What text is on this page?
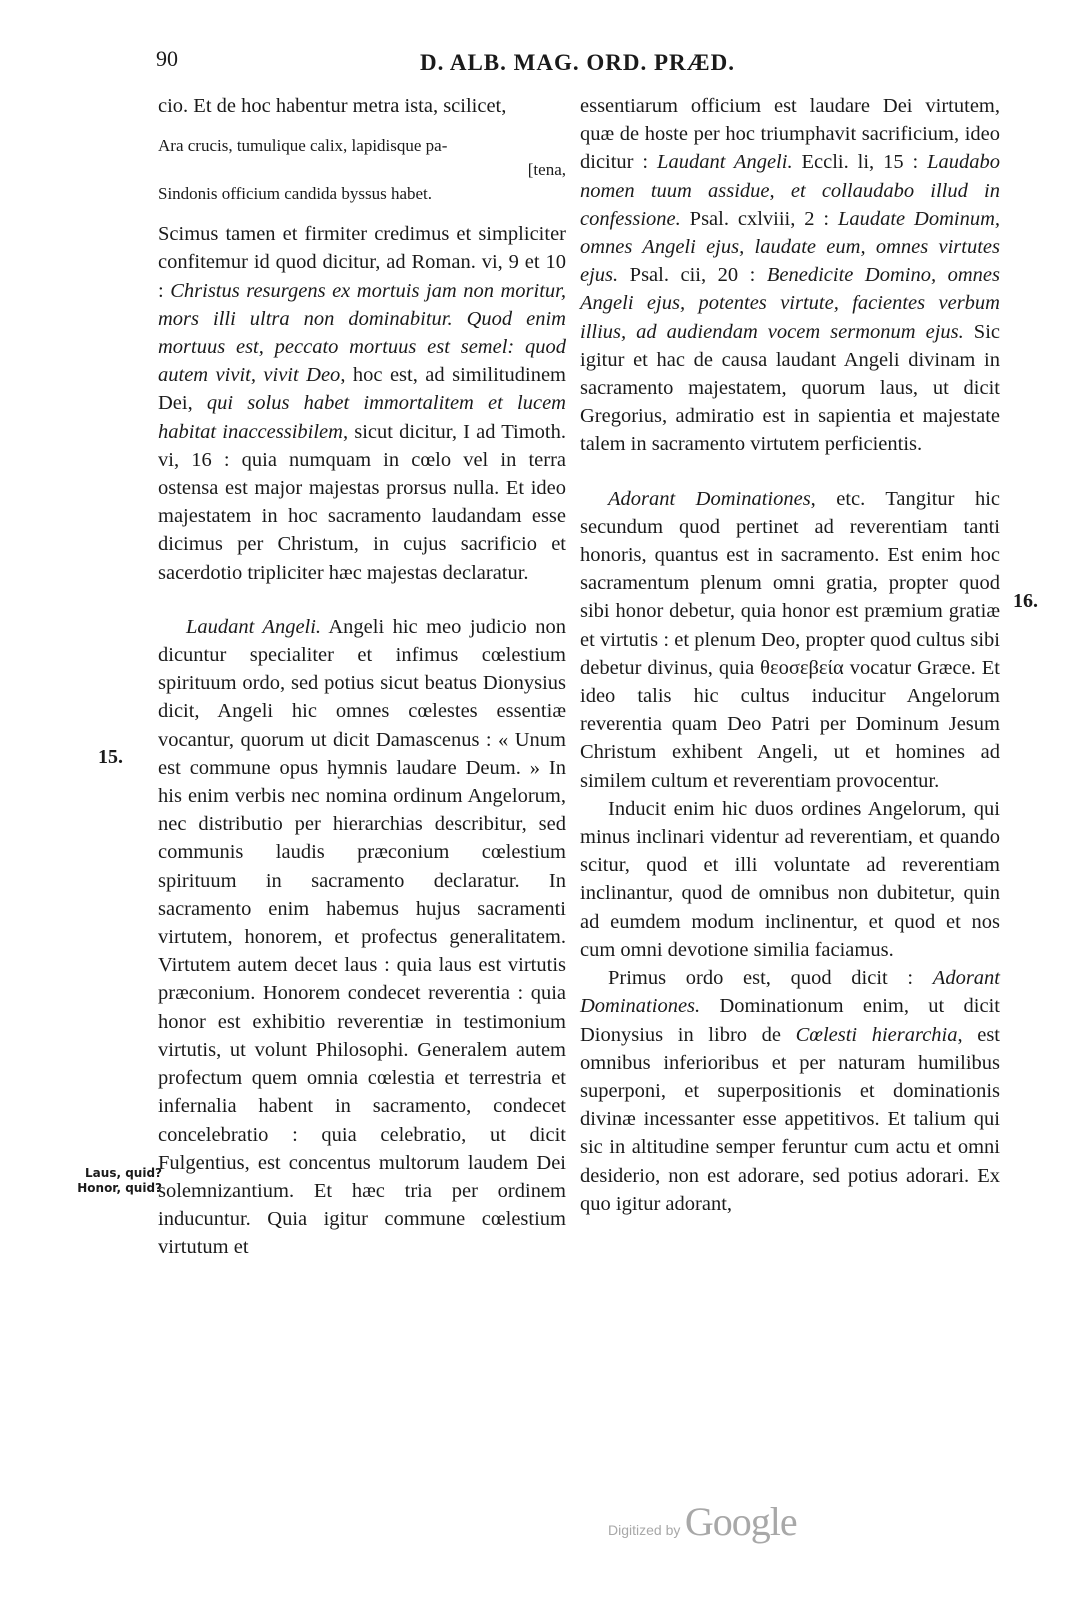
90	D. ALB. MAG. ORD. PRÆD.
15.
16.
Laus, quid? Honor, quid?

cio. Et de hoc habentur metra ista, scilicet,

Ara crucis, tumulique calix, lapidisque pa-
[tena,
Sindonis officium candida byssus habet.

Scimus tamen et firmiter credimus et simpliciter confitemur id quod dicitur, ad Roman. vi, 9 et 10 : Christus resurgens ex mortuis jam non moritur, mors illi ultra non dominabitur. Quod enim mortuus est, peccato mortuus est semel: quod autem vivit, vivit Deo, hoc est, ad similitudinem Dei, qui solus habet immortalitem et lucem habitat inaccessibilem, sicut dicitur, I ad Timoth. vi, 16 : quia numquam in cœlo vel in terra ostensa est major majestas prorsus nulla. Et ideo majestatem in hoc sacramento laudandam esse dicimus per Christum, in cujus sacrificio et sacerdotio tripliciter hæc majestas declaratur.

Laudant Angeli. Angeli hic meo judicio non dicuntur specialiter et infimus cœlestium spirituum ordo, sed potius sicut beatus Dionysius dicit, Angeli hic omnes cœlestes essentiæ vocantur, quorum ut dicit Damascenus : « Unum est commune opus hymnis laudare Deum. » In his enim verbis nec nomina ordinum Angelorum, nec distributio per hierarchias describitur, sed communis laudis præconium cœlestium spirituum in sacramento declaratur. In sacramento enim habemus hujus sacramenti virtutem, honorem, et profectus generalitatem. Virtutem autem decet laus : quia laus est virtutis præconium. Honorem condecet reverentia : quia honor est exhibitio reverentiæ in testimonium virtutis, ut volunt Philosophi. Generalem autem profectum quem omnia cœlestia et terrestria et infernalia habent in sacramento, condecet concelebratio : quia celebratio, ut dicit Fulgentius, est concentus multorum laudem Dei solemnizantium. Et hæc tria per ordinem inducuntur. Quia igitur commune cœlestium virtutum et

essentiarum officium est laudare Dei virtutem, quæ de hoste per hoc triumphavit sacrificium, ideo dicitur : Laudant Angeli. Eccli. li, 15 : Laudabo nomen tuum assidue, et collaudabo illud in confessione. Psal. cxlviii, 2 : Laudate Dominum, omnes Angeli ejus, laudate eum, omnes virtutes ejus. Psal. cii, 20 : Benedicite Domino, omnes Angeli ejus, potentes virtute, facientes verbum illius, ad audiendam vocem sermonum ejus. Sic igitur et hac de causa laudant Angeli divinam in sacramento majestatem, quorum laus, ut dicit Gregorius, admiratio est in sapientia et majestate talem in sacramento virtutem perficientis.

Adorant Dominationes, etc. Tangitur hic secundum quod pertinet ad reverentiam tanti honoris, quantus est in sacramento. Est enim hoc sacramentum plenum omni gratia, propter quod sibi honor debetur, quia honor est præmium gratiæ et virtutis : et plenum Deo, propter quod cultus sibi debetur divinus, quia θεοσεβεία vocatur Græce. Et ideo talis hic cultus inducitur Angelorum reverentia quam Deo Patri per Dominum Jesum Christum exhibent Angeli, ut et homines ad similem cultum et reverentiam provocentur.

Inducit enim hic duos ordines Angelorum, qui minus inclinari videntur ad reverentiam, et quando scitur, quod et illi voluntate ad reverentiam inclinantur, quod de omnibus non dubitetur, quin ad eumdem modum inclinentur, et quod et nos cum omni devotione similia faciamus.

Primus ordo est, quod dicit : Adorant Dominationes. Dominationum enim, ut dicit Dionysius in libro de Cœlesti hierarchia, est omnibus inferioribus et per naturam humilibus superponi, et superpositionis et dominationis divinæ incessanter esse appetitivos. Et talium qui sic in altitudine semper feruntur cum actu et omni desiderio, non est adorare, sed potius adorari. Ex quo igitur adorant,

Digitized by Google
